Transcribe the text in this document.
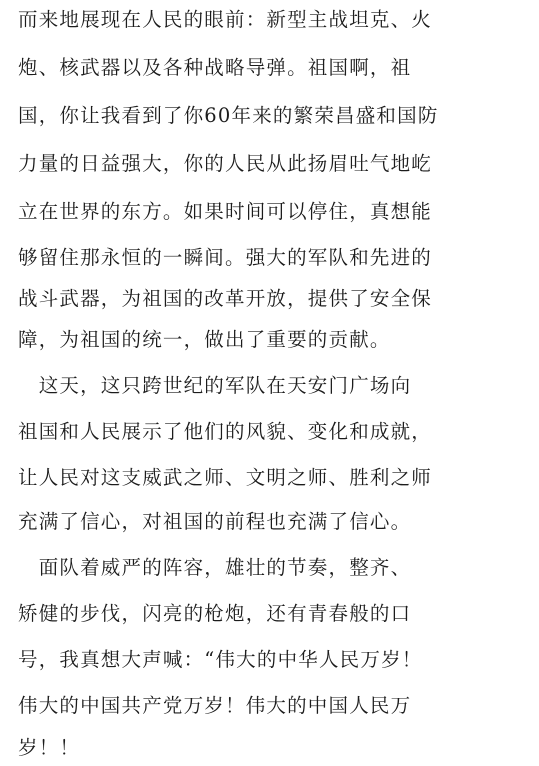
而来地展现在人民的眼前：新型主战坦克、火
炮、核武器以及各种战略导弹。祖国啊，祖
国，你让我看到了你60年来的繁荣昌盛和国防
力量的日益强大，你的人民从此扬眉吐气地屹
立在世界的东方。如果时间可以停住，真想能
够留住那永恒的一瞬间。强大的军队和先进的
战斗武器，为祖国的改革开放，提供了安全保
障，为祖国的统一，做出了重要的贡献。
　这天，这只跨世纪的军队在天安门广场向
祖国和人民展示了他们的风貌、变化和成就，
让人民对这支威武之师、文明之师、胜利之师
充满了信心，对祖国的前程也充满了信心。
　面队着威严的阵容，雄壮的节奏，整齐、
矫健的步伐，闪亮的枪炮，还有青春般的口
号，我真想大声喊：“伟大的中华人民万岁！
伟大的中国共产党万岁！伟大的中国人民万
岁！！
